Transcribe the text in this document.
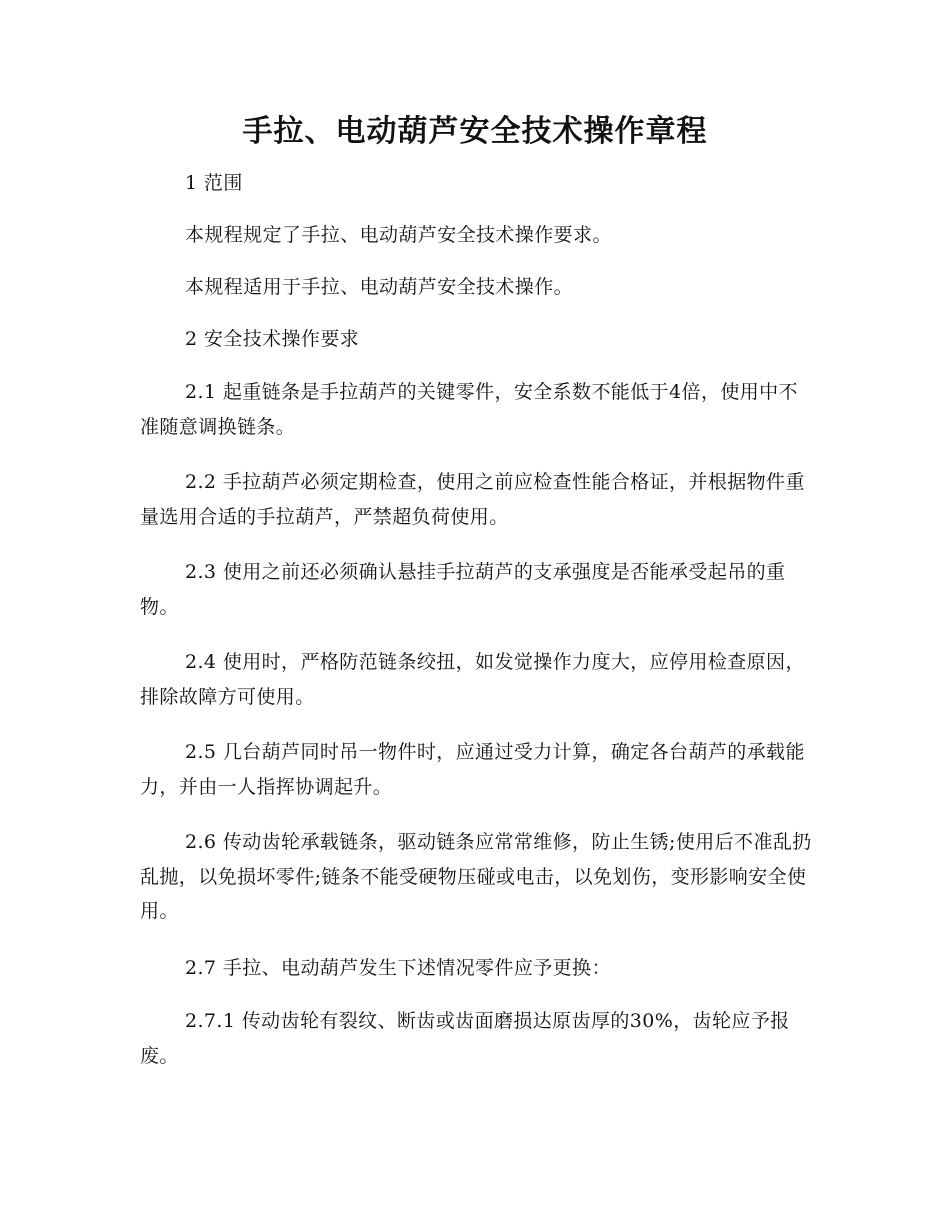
手拉、电动葫芦安全技术操作章程

1 范围

本规程规定了手拉、电动葫芦安全技术操作要求。

本规程适用于手拉、电动葫芦安全技术操作。

2 安全技术操作要求

2.1 起重链条是手拉葫芦的关键零件，安全系数不能低于4倍，使用中不准随意调换链条。

2.2 手拉葫芦必须定期检查，使用之前应检查性能合格证，并根据物件重量选用合适的手拉葫芦，严禁超负荷使用。

2.3 使用之前还必须确认悬挂手拉葫芦的支承强度是否能承受起吊的重物。

2.4 使用时，严格防范链条绞扭，如发觉操作力度大，应停用检查原因，排除故障方可使用。

2.5 几台葫芦同时吊一物件时，应通过受力计算，确定各台葫芦的承载能力，并由一人指挥协调起升。

2.6 传动齿轮承载链条，驱动链条应常常维修，防止生锈;使用后不准乱扔乱抛，以免损坏零件;链条不能受硬物压碰或电击，以免划伤，变形影响安全使用。

2.7 手拉、电动葫芦发生下述情况零件应予更换：

2.7.1 传动齿轮有裂纹、断齿或齿面磨损达原齿厚的30%，齿轮应予报废。
